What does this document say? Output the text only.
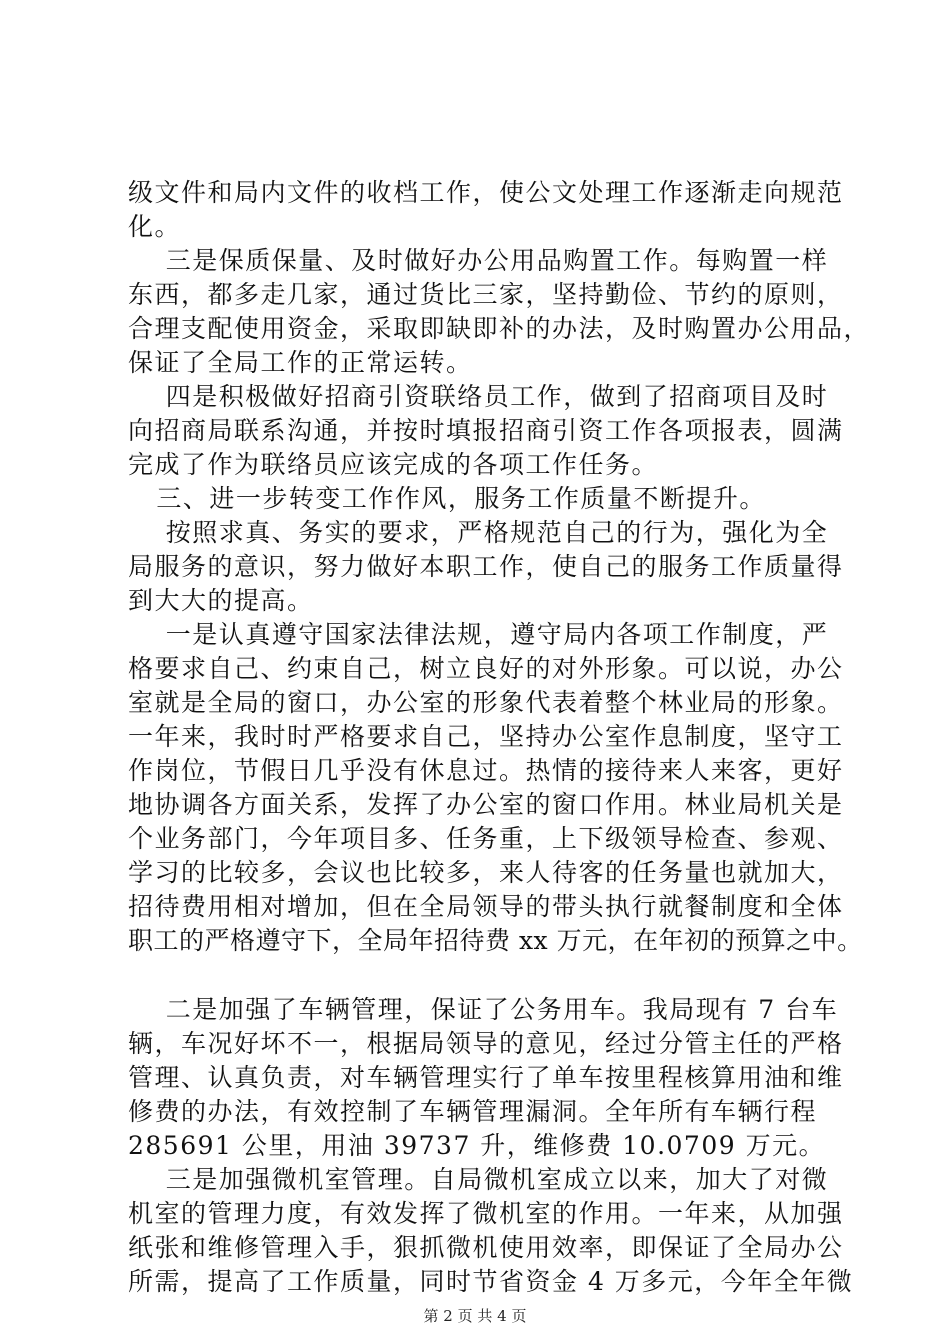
级文件和局内文件的收档工作，使公文处理工作逐渐走向规范
化。
三是保质保量、及时做好办公用品购置工作。每购置一样
东西，都多走几家，通过货比三家，坚持勤俭、节约的原则，
合理支配使用资金，采取即缺即补的办法，及时购置办公用品，
保证了全局工作的正常运转。
四是积极做好招商引资联络员工作，做到了招商项目及时
向招商局联系沟通，并按时填报招商引资工作各项报表，圆满
完成了作为联络员应该完成的各项工作任务。
三、进一步转变工作作风，服务工作质量不断提升。
按照求真、务实的要求，严格规范自己的行为，强化为全
局服务的意识，努力做好本职工作，使自己的服务工作质量得
到大大的提高。
一是认真遵守国家法律法规，遵守局内各项工作制度，严
格要求自己、约束自己，树立良好的对外形象。可以说，办公
室就是全局的窗口，办公室的形象代表着整个林业局的形象。
一年来，我时时严格要求自己，坚持办公室作息制度，坚守工
作岗位，节假日几乎没有休息过。热情的接待来人来客，更好
地协调各方面关系，发挥了办公室的窗口作用。林业局机关是
个业务部门，今年项目多、任务重，上下级领导检查、参观、
学习的比较多，会议也比较多，来人待客的任务量也就加大，
招待费用相对增加，但在全局领导的带头执行就餐制度和全体
职工的严格遵守下，全局年招待费 xx 万元，在年初的预算之中。
二是加强了车辆管理，保证了公务用车。我局现有 7 台车
辆，车况好坏不一，根据局领导的意见，经过分管主任的严格
管理、认真负责，对车辆管理实行了单车按里程核算用油和维
修费的办法，有效控制了车辆管理漏洞。全年所有车辆行程
285691 公里，用油 39737 升，维修费 10.0709 万元。
三是加强微机室管理。自局微机室成立以来，加大了对微
机室的管理力度，有效发挥了微机室的作用。一年来，从加强
纸张和维修管理入手，狠抓微机使用效率，即保证了全局办公
所需，提高了工作质量，同时节省资金 4 万多元，今年全年微
第 2 页 共 4 页
